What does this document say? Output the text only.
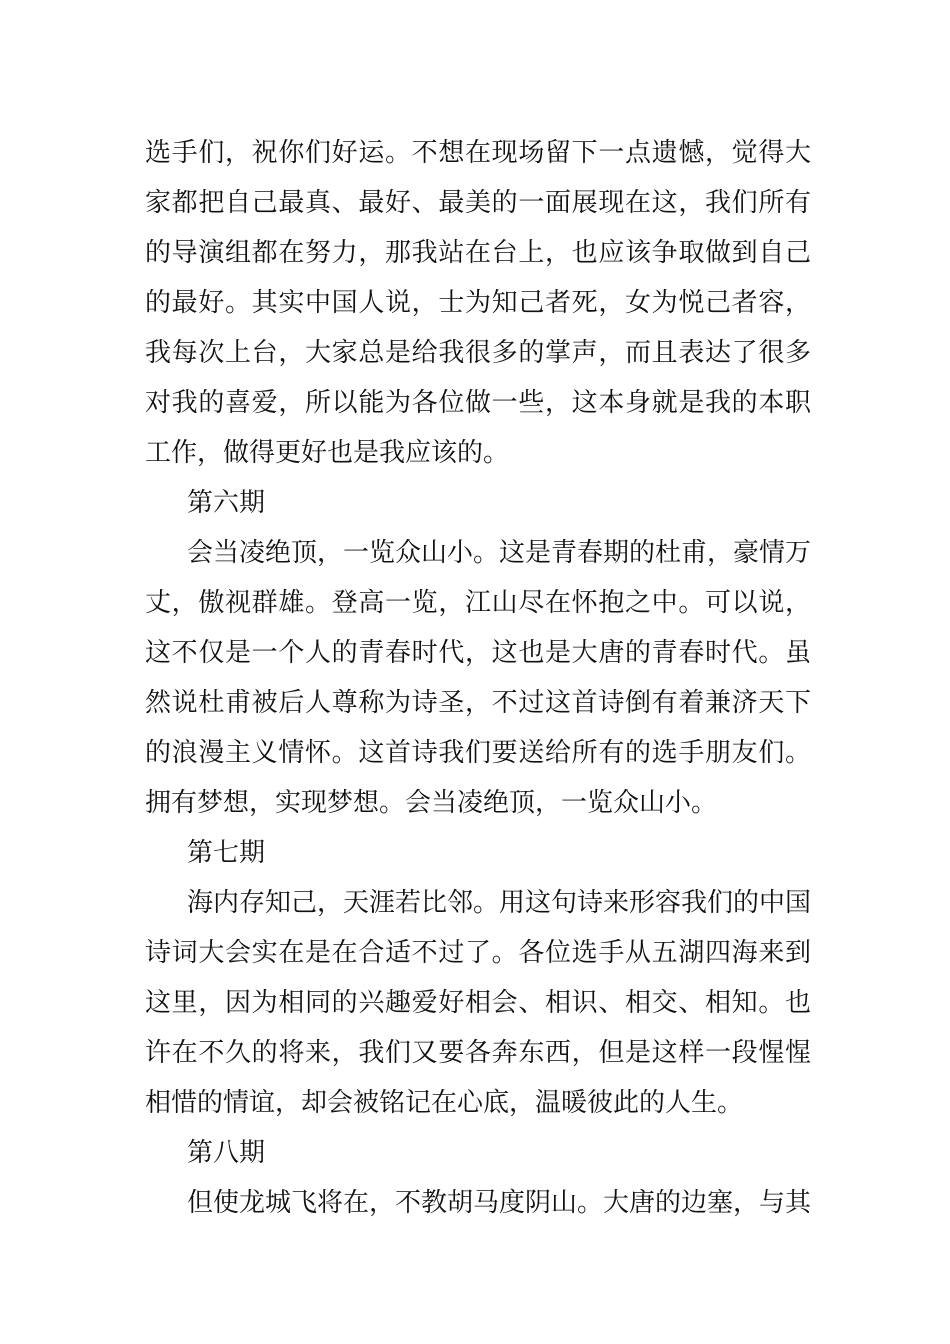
选手们，祝你们好运。不想在现场留下一点遗憾，觉得大家都把自己最真、最好、最美的一面展现在这，我们所有的导演组都在努力，那我站在台上，也应该争取做到自己的最好。其实中国人说，士为知己者死，女为悦己者容，我每次上台，大家总是给我很多的掌声，而且表达了很多对我的喜爱，所以能为各位做一些，这本身就是我的本职工作，做得更好也是我应该的。

第六期

会当凌绝顶，一览众山小。这是青春期的杜甫，豪情万丈，傲视群雄。登高一览，江山尽在怀抱之中。可以说，这不仅是一个人的青春时代，这也是大唐的青春时代。虽然说杜甫被后人尊称为诗圣，不过这首诗倒有着兼济天下的浪漫主义情怀。这首诗我们要送给所有的选手朋友们。拥有梦想，实现梦想。会当凌绝顶，一览众山小。

第七期

海内存知己，天涯若比邻。用这句诗来形容我们的中国诗词大会实在是在合适不过了。各位选手从五湖四海来到这里，因为相同的兴趣爱好相会、相识、相交、相知。也许在不久的将来，我们又要各奔东西，但是这样一段惺惺相惜的情谊，却会被铭记在心底，温暖彼此的人生。

第八期

但使龙城飞将在，不教胡马度阴山。大唐的边塞，与其
